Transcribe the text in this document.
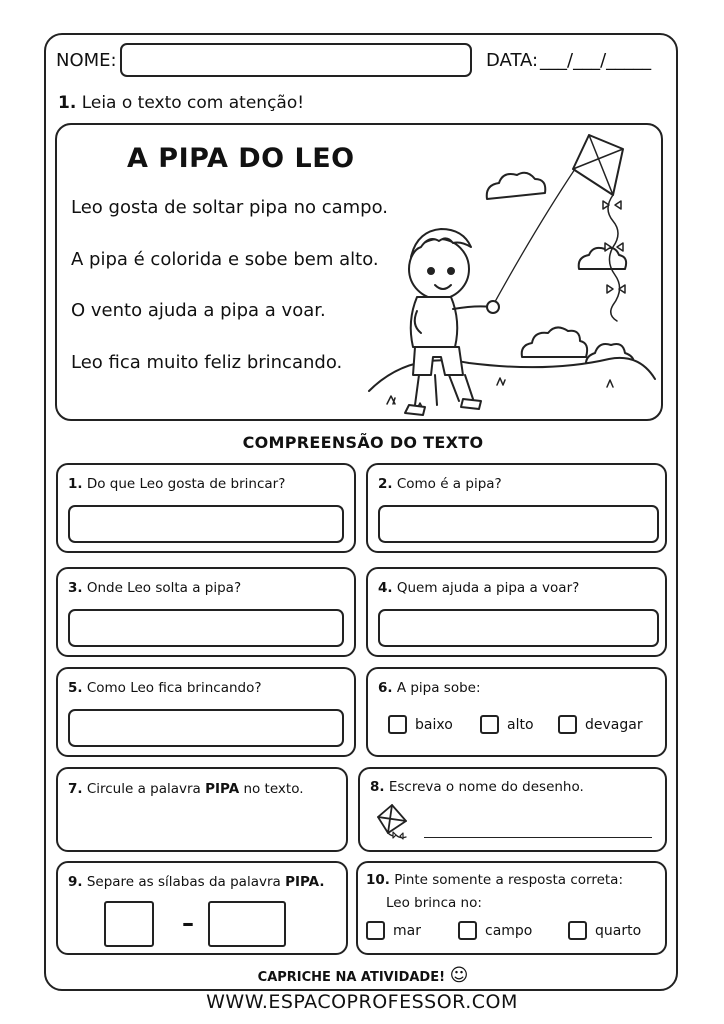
NOME:	DATA: ___/___/_____
1. Leia o texto com atenção!
A PIPA DO LEO
Leo gosta de soltar pipa no campo.
A pipa é colorida e sobe bem alto.
O vento ajuda a pipa a voar.
Leo fica muito feliz brincando.
COMPREENSÃO DO TEXTO
1. Do que Leo gosta de brincar?	2. Como é a pipa?
3. Onde Leo solta a pipa?	4. Quem ajuda a pipa a voar?
5. Como Leo fica brincando?	6. A pipa sobe:
baixo	alto	devagar
7. Circule a palavra PIPA no texto.	8. Escreva o nome do desenho.
9. Separe as sílabas da palavra PIPA.
–
10. Pinte somente a resposta correta:
Leo brinca no:
mar	campo	quarto
CAPRICHE NA ATIVIDADE! ☺
WWW.ESPACOPROFESSOR.COM
